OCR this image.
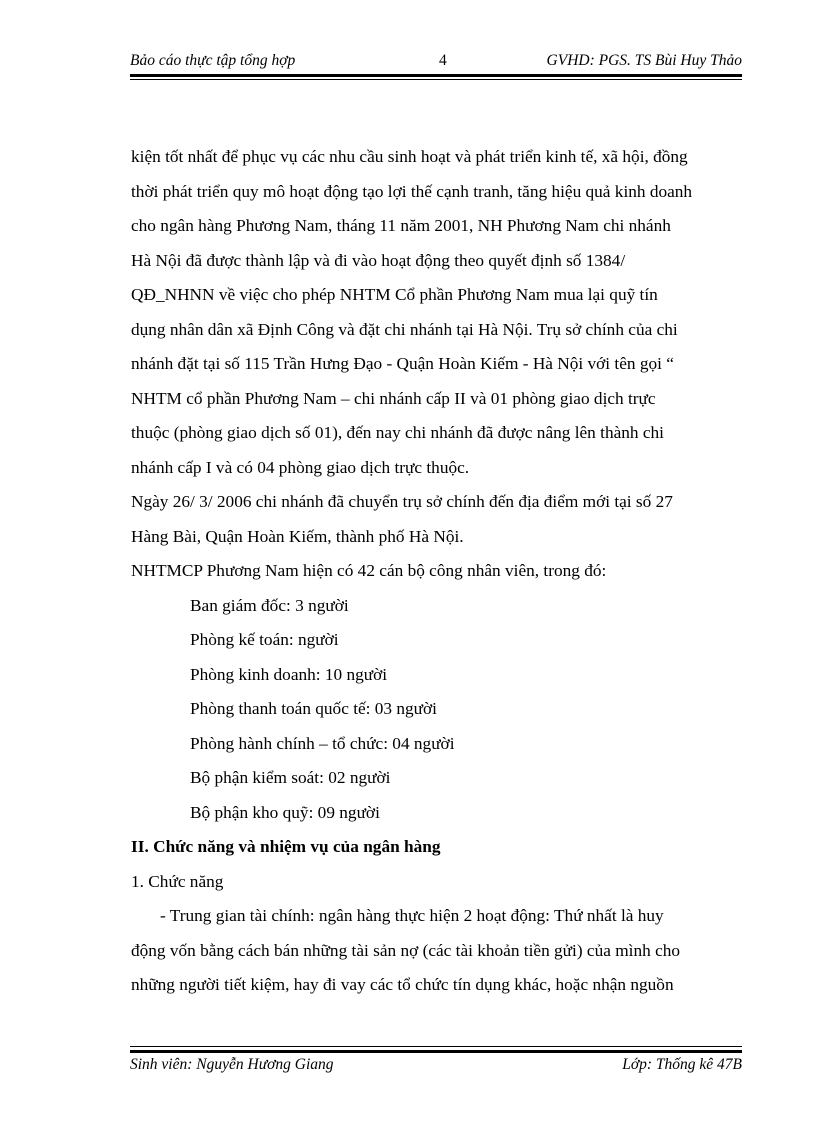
Bảo cáo thực tập tổng hợp	4	GVHD: PGS. TS Bùi Huy Thảo
kiện tốt nhất để phục vụ các nhu cầu sinh hoạt và phát triển kinh tế, xã hội, đồng
thời phát triển quy mô hoạt động tạo lợi thế cạnh tranh, tăng hiệu quả kinh doanh
cho ngân hàng Phương Nam, tháng 11 năm 2001, NH Phương Nam chi nhánh
Hà Nội đã được thành lập và đi vào hoạt động theo quyết định số 1384/
QĐ_NHNN về việc cho phép NHTM Cổ phần Phương Nam mua lại quỹ tín
dụng nhân dân xã Định Công và đặt chi nhánh tại Hà Nội. Trụ sở chính của chi
nhánh đặt tại số 115 Trần Hưng Đạo - Quận Hoàn Kiếm - Hà Nội với tên gọi “
NHTM cổ phần Phương Nam – chi nhánh cấp II và 01 phòng giao dịch trực
thuộc (phòng giao dịch số 01), đến nay chi nhánh đã được nâng lên thành chi
nhánh cấp I và có 04 phòng giao dịch trực thuộc.
Ngày 26/ 3/ 2006 chi nhánh đã chuyển trụ sở chính đến địa điểm mới tại số 27
Hàng Bài, Quận Hoàn Kiếm, thành phố Hà Nội.
NHTMCP Phương Nam hiện có 42 cán bộ công nhân viên, trong đó:
Ban giám đốc: 3 người
Phòng kế toán: người
Phòng kinh doanh: 10 người
Phòng thanh toán quốc tế: 03 người
Phòng hành chính – tổ chức: 04 người
Bộ phận kiểm soát: 02 người
Bộ phận kho quỹ: 09 người
II. Chức năng và nhiệm vụ của ngân hàng
1. Chức năng
- Trung gian tài chính: ngân hàng thực hiện 2 hoạt động: Thứ nhất là huy
động vốn bằng cách bán những tài sản nợ (các tài khoản tiền gửi) của mình cho
những người tiết kiệm, hay đi vay các tổ chức tín dụng khác, hoặc nhận nguồn
Sinh viên: Nguyễn Hương Giang	Lớp: Thống kê 47B
